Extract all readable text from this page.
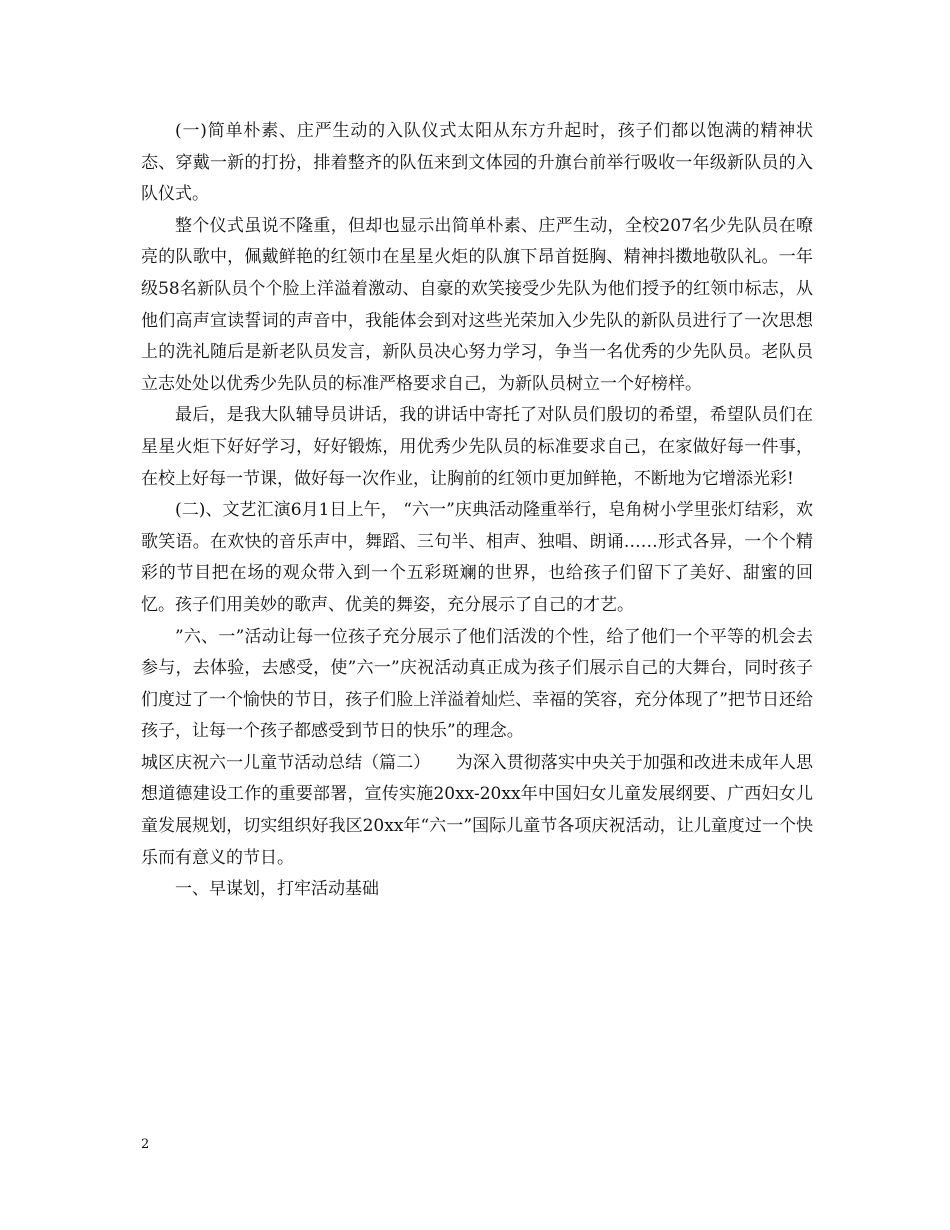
(一)简单朴素、庄严生动的入队仪式太阳从东方升起时，孩子们都以饱满的精神状态、穿戴一新的打扮，排着整齐的队伍来到文体园的升旗台前举行吸收一年级新队员的入队仪式。

整个仪式虽说不隆重，但却也显示出简单朴素、庄严生动，全校207名少先队员在嘹亮的队歌中，佩戴鲜艳的红领巾在星星火炬的队旗下昂首挺胸、精神抖擞地敬队礼。一年级58名新队员个个脸上洋溢着激动、自豪的欢笑接受少先队为他们授予的红领巾标志，从他们高声宣读誓词的声音中，我能体会到对这些光荣加入少先队的新队员进行了一次思想上的洗礼随后是新老队员发言，新队员决心努力学习，争当一名优秀的少先队员。老队员立志处处以优秀少先队员的标准严格要求自己，为新队员树立一个好榜样。

最后，是我大队辅导员讲话，我的讲话中寄托了对队员们殷切的希望，希望队员们在星星火炬下好好学习，好好锻炼，用优秀少先队员的标准要求自己，在家做好每一件事，在校上好每一节课，做好每一次作业，让胸前的红领巾更加鲜艳，不断地为它增添光彩!

(二)、文艺汇演6月1日上午， “六一”庆典活动隆重举行，皂角树小学里张灯结彩，欢歌笑语。在欢快的音乐声中，舞蹈、三句半、相声、独唱、朗诵……形式各异，一个个精彩的节目把在场的观众带入到一个五彩斑斓的世界，也给孩子们留下了美好、甜蜜的回忆。孩子们用美妙的歌声、优美的舞姿，充分展示了自己的才艺。

”六、一”活动让每一位孩子充分展示了他们活泼的个性，给了他们一个平等的机会去参与，去体验，去感受，使”六一”庆祝活动真正成为孩子们展示自己的大舞台，同时孩子们度过了一个愉快的节日，孩子们脸上洋溢着灿烂、幸福的笑容，充分体现了”把节日还给孩子，让每一个孩子都感受到节日的快乐”的理念。

城区庆祝六一儿童节活动总结（篇二）　　为深入贯彻落实中央关于加强和改进未成年人思想道德建设工作的重要部署，宣传实施20xx-20xx年中国妇女儿童发展纲要、广西妇女儿童发展规划，切实组织好我区20xx年“六一”国际儿童节各项庆祝活动，让儿童度过一个快乐而有意义的节日。

一、早谋划，打牢活动基础

2
